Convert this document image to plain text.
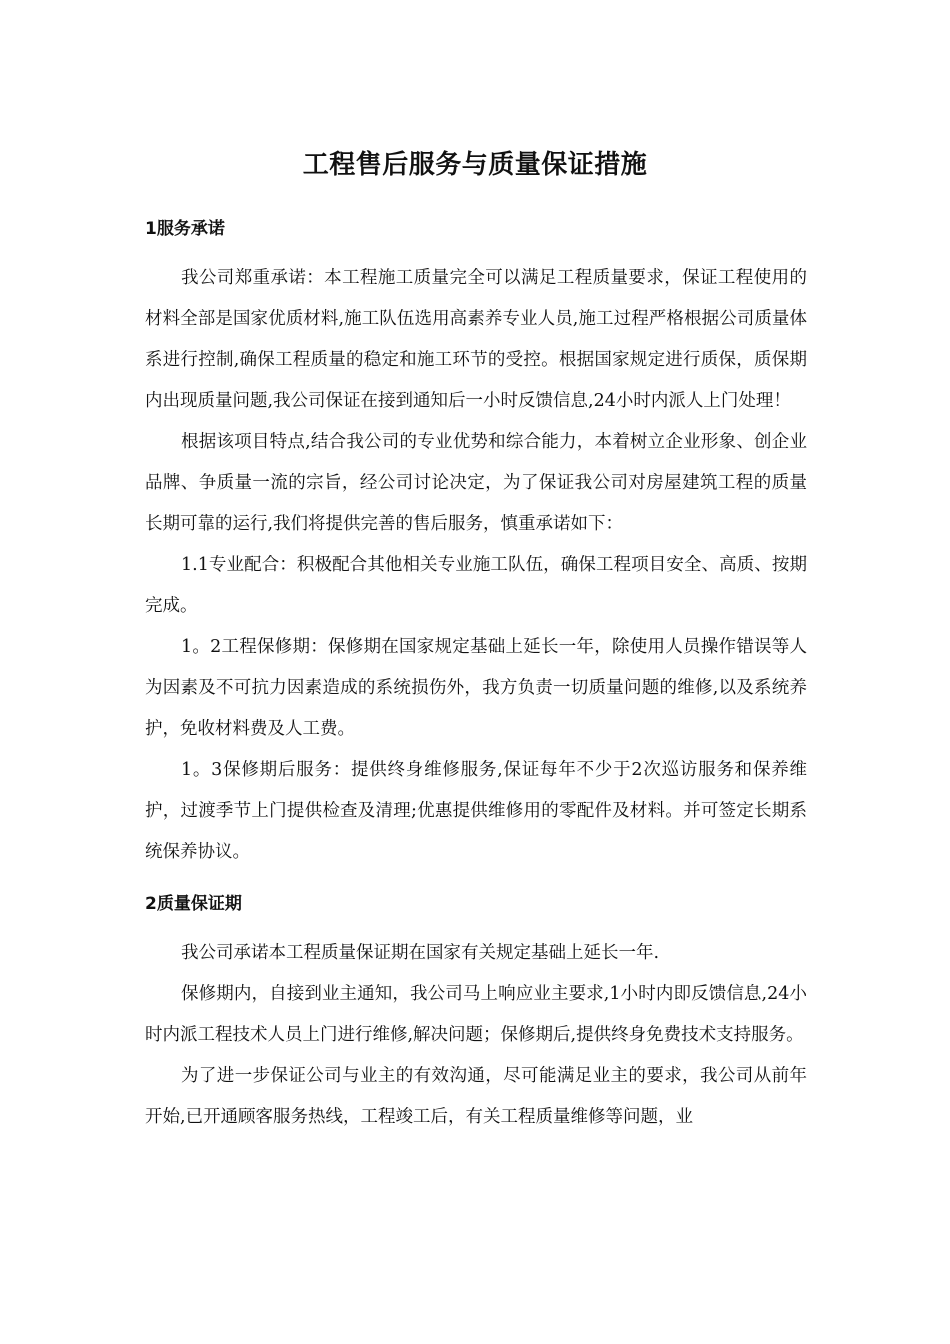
工程售后服务与质量保证措施
1服务承诺

我公司郑重承诺：本工程施工质量完全可以满足工程质量要求，保证工程使用的材料全部是国家优质材料,施工队伍选用高素养专业人员,施工过程严格根据公司质量体系进行控制,确保工程质量的稳定和施工环节的受控。根据国家规定进行质保，质保期内出现质量问题,我公司保证在接到通知后一小时反馈信息,24小时内派人上门处理！

根据该项目特点,结合我公司的专业优势和综合能力，本着树立企业形象、创企业品牌、争质量一流的宗旨，经公司讨论决定，为了保证我公司对房屋建筑工程的质量长期可靠的运行,我们将提供完善的售后服务，慎重承诺如下：

1.1专业配合：积极配合其他相关专业施工队伍，确保工程项目安全、高质、按期完成。

1。2工程保修期：保修期在国家规定基础上延长一年，除使用人员操作错误等人为因素及不可抗力因素造成的系统损伤外，我方负责一切质量问题的维修,以及系统养护，免收材料费及人工费。

1。3保修期后服务：提供终身维修服务,保证每年不少于2次巡访服务和保养维护，过渡季节上门提供检查及清理;优惠提供维修用的零配件及材料。并可签定长期系统保养协议。

2质量保证期

我公司承诺本工程质量保证期在国家有关规定基础上延长一年.

保修期内，自接到业主通知，我公司马上响应业主要求,1小时内即反馈信息,24小时内派工程技术人员上门进行维修,解决问题；保修期后,提供终身免费技术支持服务。

为了进一步保证公司与业主的有效沟通，尽可能满足业主的要求，我公司从前年开始,已开通顾客服务热线，工程竣工后，有关工程质量维修等问题，业
